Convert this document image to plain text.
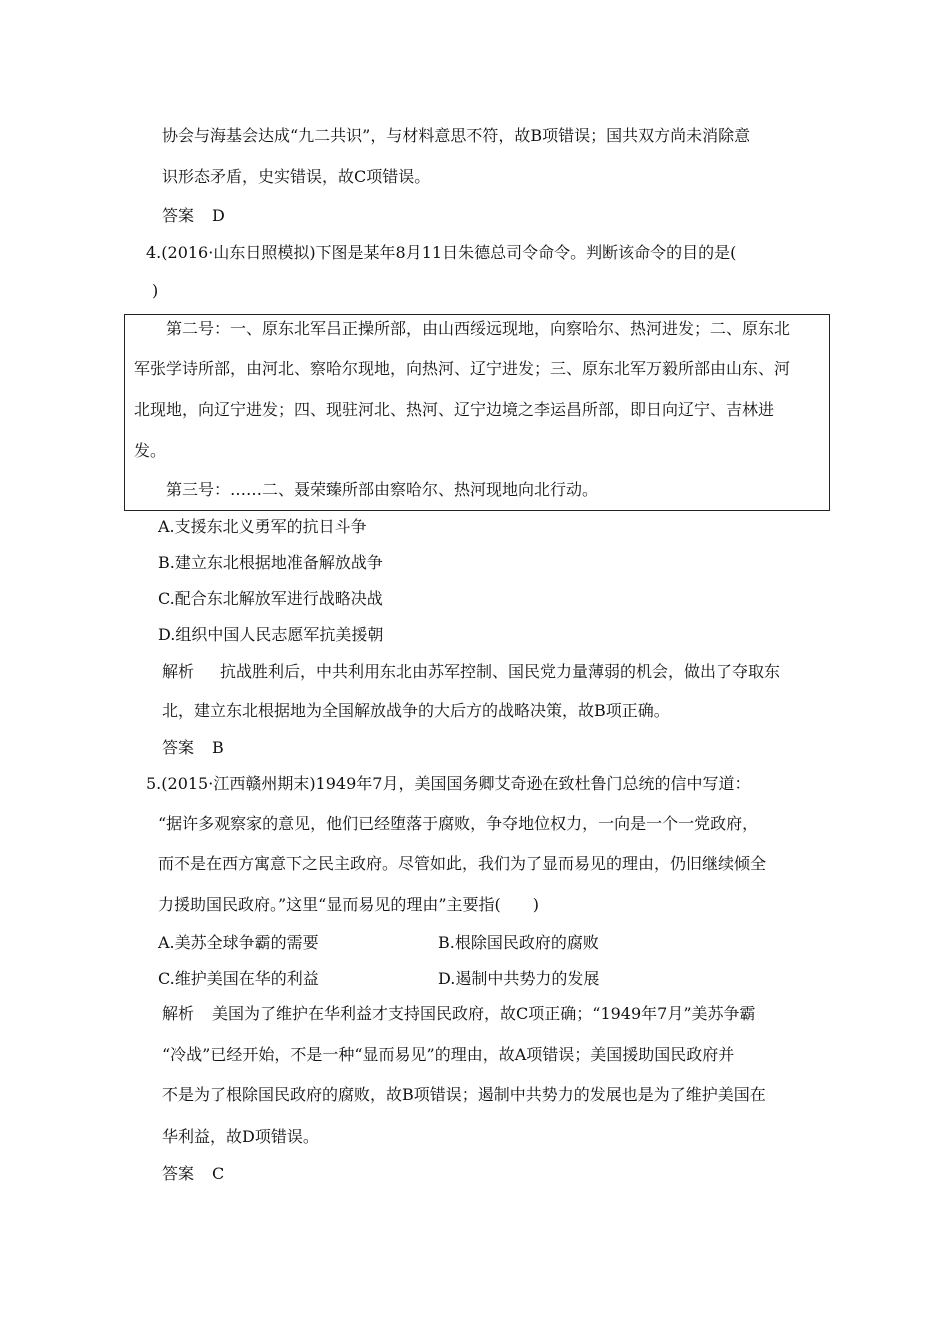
协会与海基会达成“九二共识”，与材料意思不符，故B项错误；国共双方尚未消除意
识形态矛盾，史实错误，故C项错误。
答案 D
4.(2016·山东日照模拟)下图是某年8月11日朱德总司令命令。判断该命令的目的是(
)
第二号：一、原东北军吕正操所部，由山西绥远现地，向察哈尔、热河进发；二、原东北
军张学诗所部，由河北、察哈尔现地，向热河、辽宁进发；三、原东北军万毅所部由山东、河
北现地，向辽宁进发；四、现驻河北、热河、辽宁边境之李运昌所部，即日向辽宁、吉林进
发。
第三号：……二、聂荣臻所部由察哈尔、热河现地向北行动。
A.支援东北义勇军的抗日斗争
B.建立东北根据地准备解放战争
C.配合东北解放军进行战略决战
D.组织中国人民志愿军抗美援朝
解析 抗战胜利后，中共利用东北由苏军控制、国民党力量薄弱的机会，做出了夺取东
北，建立东北根据地为全国解放战争的大后方的战略决策，故B项正确。
答案 B
5.(2015·江西赣州期末)1949年7月，美国国务卿艾奇逊在致杜鲁门总统的信中写道：
“据许多观察家的意见，他们已经堕落于腐败，争夺地位权力，一向是一个一党政府，
而不是在西方寓意下之民主政府。尽管如此，我们为了显而易见的理由，仍旧继续倾全
力援助国民政府。”这里“显而易见的理由”主要指(　　)
A.美苏全球争霸的需要	B.根除国民政府的腐败
C.维护美国在华的利益	D.遏制中共势力的发展
解析 美国为了维护在华利益才支持国民政府，故C项正确；“1949年7月”美苏争霸
“冷战”已经开始，不是一种“显而易见”的理由，故A项错误；美国援助国民政府并
不是为了根除国民政府的腐败，故B项错误；遏制中共势力的发展也是为了维护美国在
华利益，故D项错误。
答案 C
